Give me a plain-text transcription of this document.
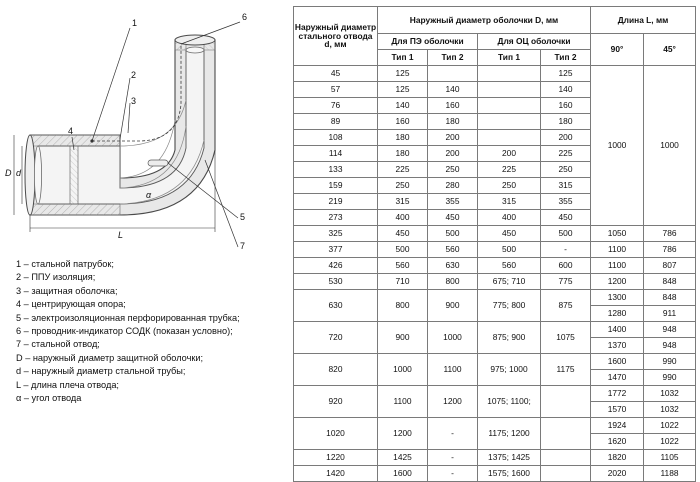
1
6
2
3
4
5
7
D d
L
α
1 – стальной патрубок;
2 – ППУ изоляция;
3 – защитная оболочка;
4 – центрирующая опора;
5 – электроизоляционная перфорированная трубка;
6 – проводник-индикатор СОДК (показан условно);
7 – стальной отвод;
D – наружный диаметр защитной оболочки;
d – наружный диаметр стальной трубы;
L – длина плеча отвода;
α – угол отвода
Наружный диаметр стального отвода d, мм	Наружный диаметр оболочки D, мм				Длина L, мм	
	Для ПЭ оболочки		Для ОЦ оболочки		90°	45°
	Тип 1	Тип 2	Тип 1	Тип 2		
45	125			125	1000	1000
57	125	140		140		
76	140	160		160		
89	160	180		180		
108	180	200		200		
114	180	200	200	225		
133	225	250	225	250		
159	250	280	250	315		
219	315	355	315	355		
273	400	450	400	450		
325	450	500	450	500	1050	786
377	500	560	500	-	1100	786
426	560	630	560	600	1100	807
530	710	800	675; 710	775	1200	848
630	800	900	775; 800	875	1300	848
					1280	911
720	900	1000	875; 900	1075	1400	948
					1370	948
820	1000	1100	975; 1000	1175	1600	990
					1470	990
920	1100	1200	1075; 1100;		1772	1032
					1570	1032
1020	1200	-	1175; 1200		1924	1022
					1620	1022
1220	1425	-	1375; 1425		1820	1105
1420	1600	-	1575; 1600		2020	1188
